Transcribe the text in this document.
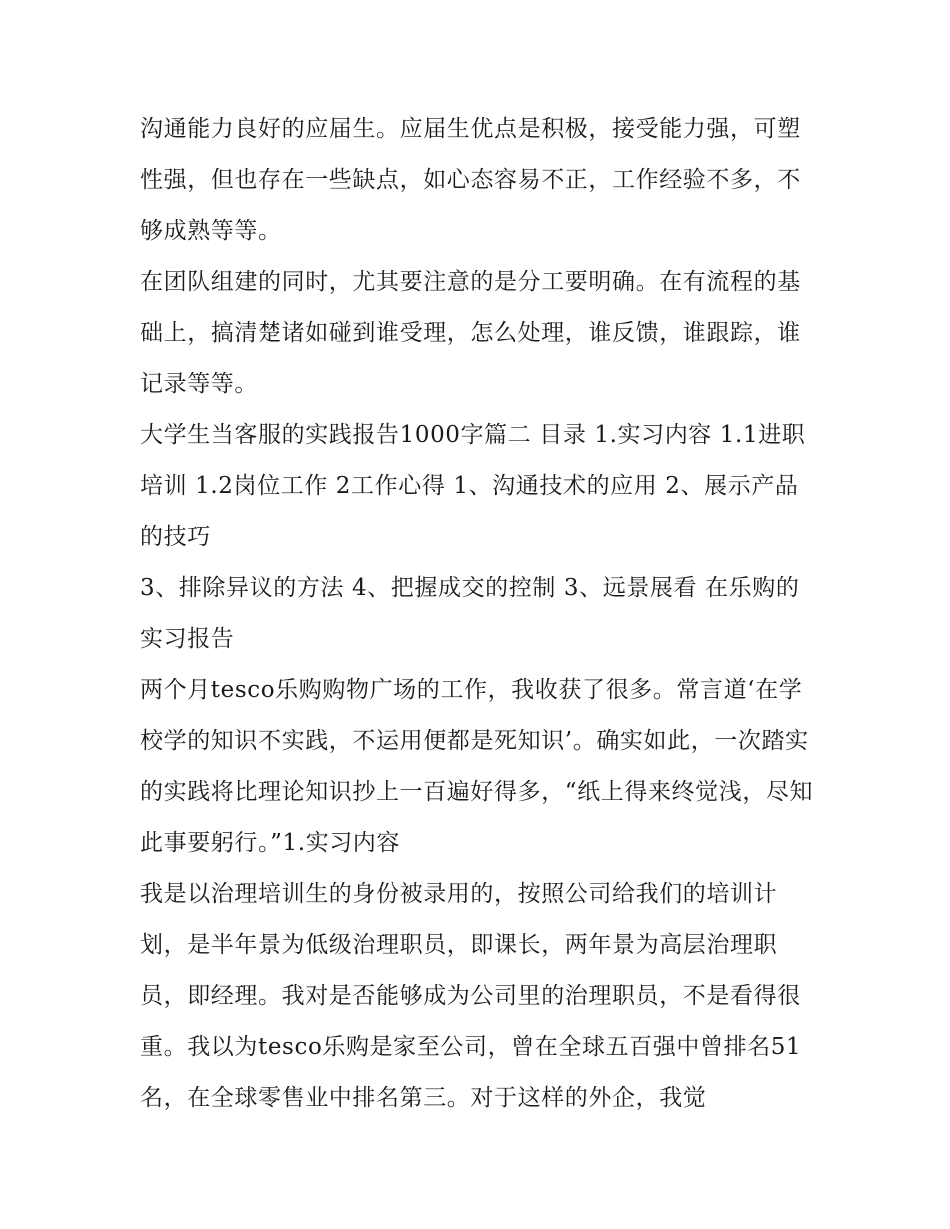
沟通能力良好的应届生。应届生优点是积极，接受能力强，可塑性强，但也存在一些缺点，如心态容易不正，工作经验不多，不够成熟等等。

在团队组建的同时，尤其要注意的是分工要明确。在有流程的基础上，搞清楚诸如碰到谁受理，怎么处理，谁反馈，谁跟踪，谁记录等等。

大学生当客服的实践报告1000字篇二 目录 1.实习内容 1.1进职培训 1.2岗位工作 2工作心得 1、沟通技术的应用 2、展示产品的技巧

3、排除异议的方法 4、把握成交的控制 3、远景展看 在乐购的实习报告

两个月tesco乐购购物广场的工作，我收获了很多。常言道‘在学校学的知识不实践，不运用便都是死知识’。确实如此，一次踏实的实践将比理论知识抄上一百遍好得多，“纸上得来终觉浅，尽知此事要躬行。”1.实习内容

我是以治理培训生的身份被录用的，按照公司给我们的培训计划，是半年景为低级治理职员，即课长，两年景为高层治理职员，即经理。我对是否能够成为公司里的治理职员，不是看得很重。我以为tesco乐购是家至公司，曾在全球五百强中曾排名51名，在全球零售业中排名第三。对于这样的外企，我觉
